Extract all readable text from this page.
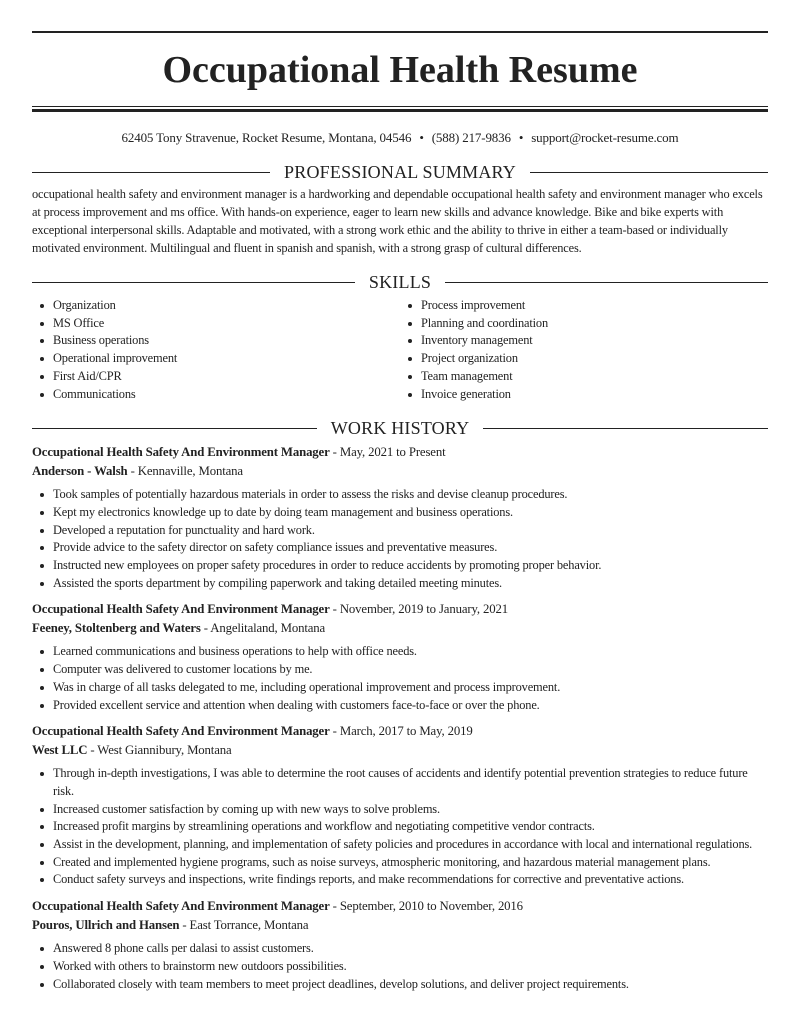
Occupational Health Resume
62405 Tony Stravenue, Rocket Resume, Montana, 04546 • (588) 217-9836 • support@rocket-resume.com
PROFESSIONAL SUMMARY

occupational health safety and environment manager is a hardworking and dependable occupational health safety and environment manager who excels at process improvement and ms office. With hands-on experience, eager to learn new skills and advance knowledge. Bike and bike experts with exceptional interpersonal skills. Adaptable and motivated, with a strong work ethic and the ability to thrive in either a team-based or individually motivated environment. Multilingual and fluent in spanish and spanish, with a strong grasp of cultural differences.

SKILLS
Organization
MS Office
Business operations
Operational improvement
First Aid/CPR
Communications
Process improvement
Planning and coordination
Inventory management
Project organization
Team management
Invoice generation
WORK HISTORY
Occupational Health Safety And Environment Manager - May, 2021 to Present
Anderson - Walsh - Kennaville, Montana
Took samples of potentially hazardous materials in order to assess the risks and devise cleanup procedures.
Kept my electronics knowledge up to date by doing team management and business operations.
Developed a reputation for punctuality and hard work.
Provide advice to the safety director on safety compliance issues and preventative measures.
Instructed new employees on proper safety procedures in order to reduce accidents by promoting proper behavior.
Assisted the sports department by compiling paperwork and taking detailed meeting minutes.
Occupational Health Safety And Environment Manager - November, 2019 to January, 2021
Feeney, Stoltenberg and Waters - Angelitaland, Montana
Learned communications and business operations to help with office needs.
Computer was delivered to customer locations by me.
Was in charge of all tasks delegated to me, including operational improvement and process improvement.
Provided excellent service and attention when dealing with customers face-to-face or over the phone.
Occupational Health Safety And Environment Manager - March, 2017 to May, 2019
West LLC - West Giannibury, Montana
Through in-depth investigations, I was able to determine the root causes of accidents and identify potential prevention strategies to reduce future risk.
Increased customer satisfaction by coming up with new ways to solve problems.
Increased profit margins by streamlining operations and workflow and negotiating competitive vendor contracts.
Assist in the development, planning, and implementation of safety policies and procedures in accordance with local and international regulations.
Created and implemented hygiene programs, such as noise surveys, atmospheric monitoring, and hazardous material management plans.
Conduct safety surveys and inspections, write findings reports, and make recommendations for corrective and preventative actions.
Occupational Health Safety And Environment Manager - September, 2010 to November, 2016
Pouros, Ullrich and Hansen - East Torrance, Montana
Answered 8 phone calls per dalasi to assist customers.
Worked with others to brainstorm new outdoors possibilities.
Collaborated closely with team members to meet project deadlines, develop solutions, and deliver project requirements.
